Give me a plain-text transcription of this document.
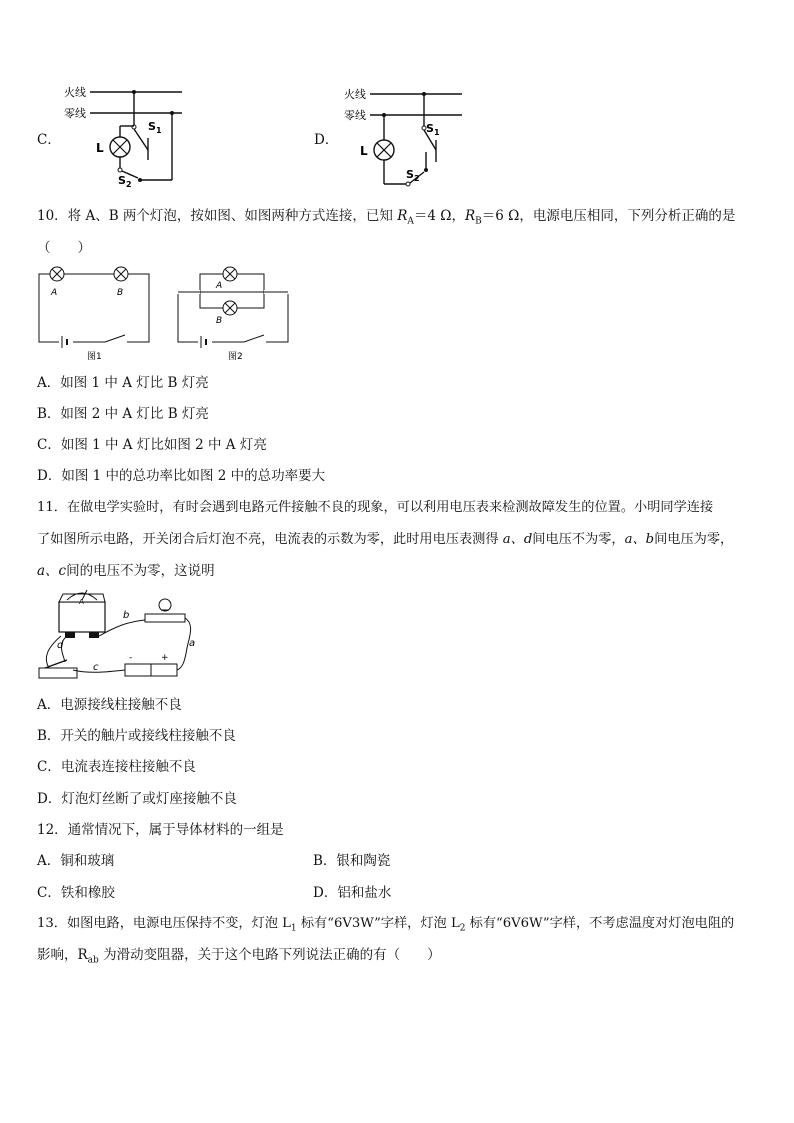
C．
火线
零线
$S_1$
L
$S_2$
D．
火线
零线
$S_1$
L
$S_2$
10．将 A、B 两个灯泡，按如图、如图两种方式连接，已知 $R_A=4$ Ω，$R_B=6$ Ω，电源电压相同，下列分析正确的是
（　　）
A	B
图1
A
B
图2
A．如图 1 中 A 灯比 B 灯亮
B．如图 2 中 A 灯比 B 灯亮
C．如图 1 中 A 灯比如图 2 中 A 灯亮
D．如图 1 中的总功率比如图 2 中的总功率要大
11．在做电学实验时，有时会遇到电路元件接触不良的现象，可以利用电压表来检测故障发生的位置。小明同学连接
了如图所示电路，开关闭合后灯泡不亮，电流表的示数为零，此时用电压表测得 a、d间电压不为零，a、b间电压为零，
a、c间的电压不为零，这说明
A
-	+
b
a
c
d
A．电源接线柱接触不良
B．开关的触片或接线柱接触不良
C．电流表连接柱接触不良
D．灯泡灯丝断了或灯座接触不良
12．通常情况下，属于导体材料的一组是
A．铜和玻璃	B．银和陶瓷
C．铁和橡胶	D．铝和盐水
13．如图电路，电源电压保持不变，灯泡 $L_1$ 标有“6V3W”字样，灯泡 $L_2$ 标有“6V6W”字样，不考虑温度对灯泡电阻的
影响，$R_{ab}$ 为滑动变阻器，关于这个电路下列说法正确的有（　　）
